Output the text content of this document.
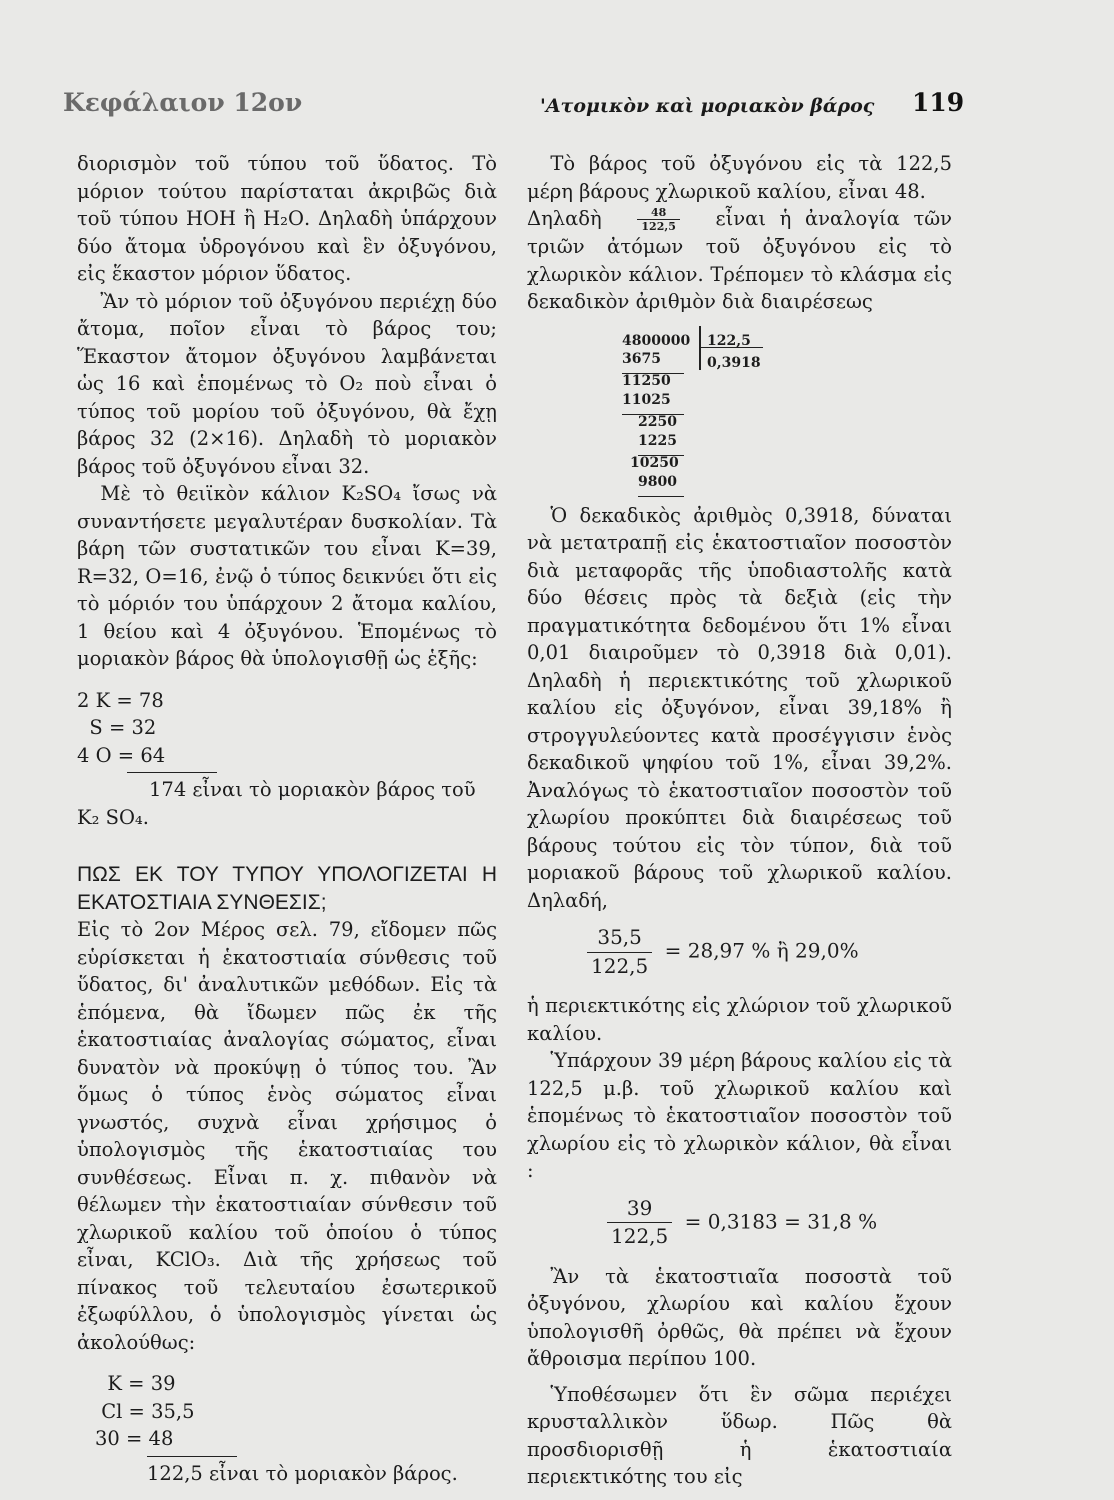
Κεφάλαιον 12ον	'Ατομικὸν καὶ μοριακὸν βάρος 119

διορισμὸν τοῦ τύπου τοῦ ὕδατος. Τὸ μόριον τούτου παρίσταται ἀκριβῶς διὰ τοῦ τύπου ΗΟΗ ἢ Η₂Ο. Δηλαδὴ ὑπάρχουν δύο ἄτομα ὑδρογόνου καὶ ἓν ὀξυγόνου, εἰς ἕκαστον μόριον ὕδατος.

Ἂν τὸ μόριον τοῦ ὀξυγόνου περιέχῃ δύο ἄτομα, ποῖον εἶναι τὸ βάρος του; Ἕκαστον ἄτομον ὀξυγόνου λαμβάνεται ὡς 16 καὶ ἑπομένως τὸ Ο₂ ποὺ εἶναι ὁ τύπος τοῦ μορίου τοῦ ὀξυγόνου, θὰ ἔχῃ βάρος 32 (2×16). Δηλαδὴ τὸ μοριακὸν βάρος τοῦ ὀξυγόνου εἶναι 32.

Μὲ τὸ θειϊκὸν κάλιον K₂SO₄ ἴσως νὰ συναντήσετε μεγαλυτέραν δυσκολίαν. Τὰ βάρη τῶν συστατικῶν του εἶναι K=39, R=32, O=16, ἐνῷ ὁ τύπος δεικνύει ὅτι εἰς τὸ μόριόν του ὑπάρχουν 2 ἄτομα καλίου, 1 θείου καὶ 4 ὀξυγόνου. Ἑπομένως τὸ μοριακὸν βάρος θὰ ὑπολογισθῇ ὡς ἑξῆς:

2 K = 78

S = 32

4 O = 64

174 εἶναι τὸ μοριακὸν βάρος τοῦ

K₂ SO₄.

ΠΩΣ ΕΚ ΤΟΥ ΤΥΠΟΥ ΥΠΟΛΟΓΙΖΕΤΑΙ Η ΕΚΑΤΟΣΤΙΑΙΑ ΣΥΝΘΕΣΙΣ;

Εἰς τὸ 2ον Μέρος σελ. 79, εἴδομεν πῶς εὑρίσκεται ἡ ἑκατοστιαία σύνθεσις τοῦ ὕδατος, δι' ἀναλυτικῶν μεθόδων. Εἰς τὰ ἑπόμενα, θὰ ἴδωμεν πῶς ἐκ τῆς ἑκατοστιαίας ἀναλογίας σώματος, εἶναι δυνατὸν νὰ προκύψῃ ὁ τύπος του. Ἂν ὅμως ὁ τύπος ἑνὸς σώματος εἶναι γνωστός, συχνὰ εἶναι χρήσιμος ὁ ὑπολογισμὸς τῆς ἑκατοστιαίας του συνθέσεως. Εἶναι π. χ. πιθανὸν νὰ θέλωμεν τὴν ἑκατοστιαίαν σύνθεσιν τοῦ χλωρικοῦ καλίου τοῦ ὁποίου ὁ τύπος εἶναι, KClO₃. Διὰ τῆς χρήσεως τοῦ πίνακος τοῦ τελευταίου ἐσωτερικοῦ ἐξωφύλλου, ὁ ὑπολογισμὸς γίνεται ὡς ἀκολούθως:

K = 39

Cl = 35,5

30 = 48

122,5 εἶναι τὸ μοριακὸν βάρος.

Τὸ βάρος τοῦ ὀξυγόνου εἰς τὰ 122,5 μέρη βάρους χλωρικοῦ καλίου, εἶναι 48.

Δηλαδὴ	$\frac{48}{122,5}$ εἶναι ἡ ἀναλογία τῶν τριῶν ἀτόμων τοῦ ὀξυγόνου εἰς τὸ χλωρικὸν κάλιον. Τρέπομεν τὸ κλάσμα εἰς δεκαδικὸν ἀριθμὸν διὰ διαιρέσεως

4800000 122,5
0,3918
3675
11250
11025
2250
1225
10250
9800

Ὁ δεκαδικὸς ἀριθμὸς 0,3918, δύναται νὰ μετατραπῇ εἰς ἑκατοστιαῖον ποσοστὸν διὰ μεταφορᾶς τῆς ὑποδιαστολῆς κατὰ δύο θέσεις πρὸς τὰ δεξιὰ (εἰς τὴν πραγματικότητα δεδομένου ὅτι 1% εἶναι 0,01 διαιροῦμεν τὸ 0,3918 διὰ 0,01). Δηλαδὴ ἡ περιεκτικότης τοῦ χλωρικοῦ καλίου εἰς ὀξυγόνον, εἶναι 39,18% ἢ στρογγυλεύοντες κατὰ προσέγγισιν ἑνὸς δεκαδικοῦ ψηφίου τοῦ 1%, εἶναι 39,2%. Ἀναλόγως τὸ ἑκατοστιαῖον ποσοστὸν τοῦ χλωρίου προκύπτει διὰ διαιρέσεως τοῦ βάρους τούτου εἰς τὸν τύπον, διὰ τοῦ μοριακοῦ βάρους τοῦ χλωρικοῦ καλίου. Δηλαδή,

$\frac{35,5}{122,5} = 28,97$ % ἢ 29,0%

ἡ περιεκτικότης εἰς χλώριον τοῦ χλωρικοῦ καλίου.

Ὑπάρχουν 39 μέρη βάρους καλίου εἰς τὰ 122,5 μ.β. τοῦ χλωρικοῦ καλίου καὶ ἑπομένως τὸ ἑκατοστιαῖον ποσοστὸν τοῦ χλωρίου εἰς τὸ χλωρικὸν κάλιον, θὰ εἶναι :

$\frac{39}{122,5} = 0,3183 = 31,8$ %

Ἂν τὰ ἑκατοστιαῖα ποσοστὰ τοῦ ὀξυγόνου, χλωρίου καὶ καλίου ἔχουν ὑπολογισθῆ ὀρθῶς, θὰ πρέπει νὰ ἔχουν ἄθροισμα περίπου 100.

Ὑποθέσωμεν ὅτι ἓν σῶμα περιέχει κρυσταλλικὸν ὕδωρ. Πῶς θὰ προσδιορισθῇ ἡ ἑκατοστιαία περιεκτικότης του εἰς
